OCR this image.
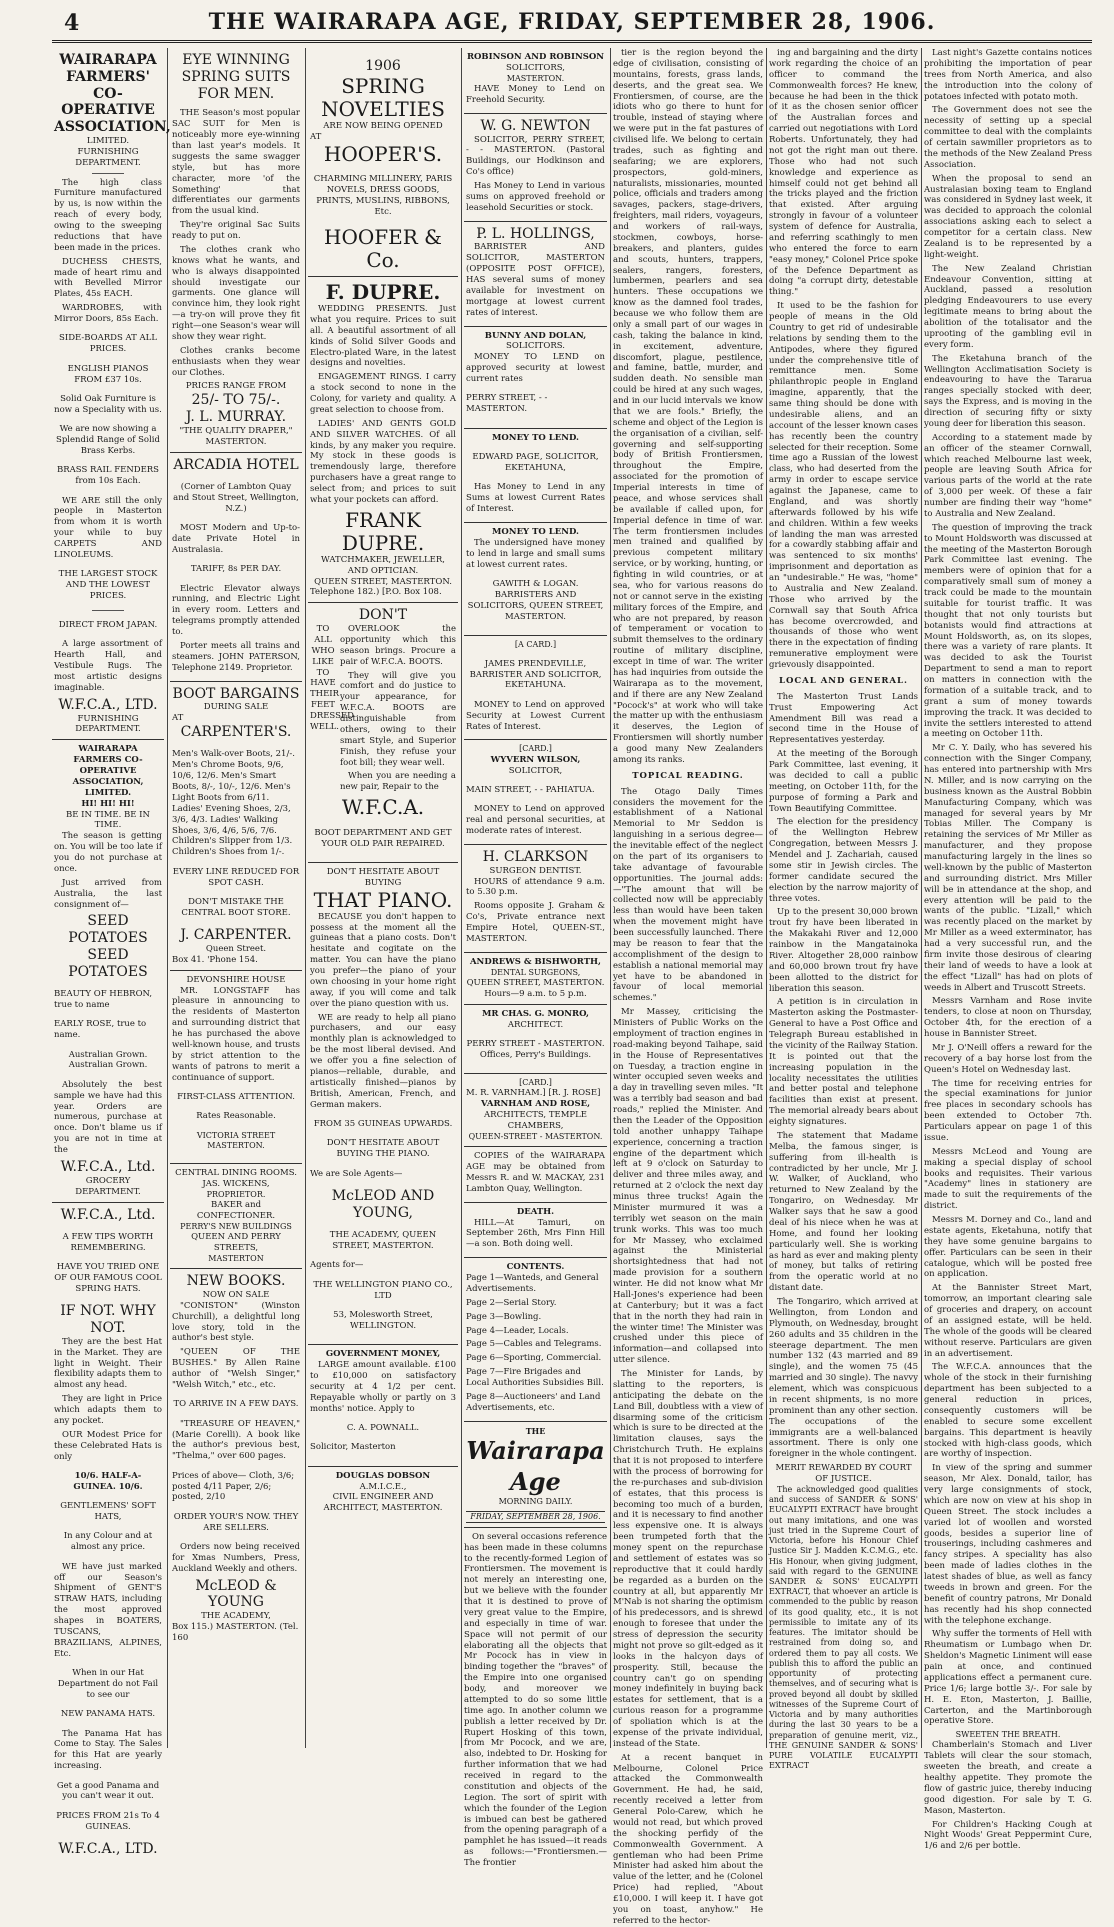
4	THE WAIRARAPA AGE, FRIDAY, SEPTEMBER 28, 1906.
WAIRARAPA FARMERS' CO-OPERATIVE ASSOCIATION,
LIMITED.
FURNISHING DEPARTMENT.

The high class Furniture manufactured by us, is now within the reach of every body, owing to the sweeping reductions that have been made in the prices.

DUCHESS CHESTS, made of heart rimu and with Bevelled Mirror Plates, 45s EACH.

WARDROBES, with Mirror Doors, 85s Each.

SIDE-BOARDS AT ALL PRICES.

ENGLISH PIANOS FROM £37 10s.

Solid Oak Furniture is now a Speciality with us.

We are now showing a Splendid Range of Solid Brass Kerbs.

BRASS RAIL FENDERS from 10s Each.

WE ARE still the only people in Masterton from whom it is worth your while to buy CARPETS AND LINOLEUMS.

THE LARGEST STOCK AND THE LOWEST PRICES.

DIRECT FROM JAPAN.

A large assortment of Hearth Hall, and Vestibule Rugs. The most artistic designs imaginable.

W.F.C.A., LTD.
FURNISHING DEPARTMENT.
WAIRARAPA FARMERS CO-OPERATIVE ASSOCIATION, LIMITED.
HI! HI! HI!
BE IN TIME. BE IN TIME.

The season is getting on. You will be too late if you do not purchase at once.

Just arrived from Australia, the last consignment of—

SEED POTATOES SEED POTATOES

BEAUTY OF HEBRON, true to name

EARLY ROSE, true to name.

Australian Grown. Australian Grown.

Absolutely the best sample we have had this year. Orders are numerous, purchase at once. Don't blame us if you are not in time at the

W.F.C.A., Ltd.
GROCERY DEPARTMENT.
W.F.C.A., Ltd.

A FEW TIPS WORTH REMEMBERING.

HAVE YOU TRIED ONE OF OUR FAMOUS COOL SPRING HATS.

IF NOT. WHY NOT.

They are the best Hat in the Market. They are light in Weight. Their flexibility adapts them to almost any head.

They are light in Price which adapts them to any pocket.

OUR Modest Price for these Celebrated Hats is only

10/6. HALF-A-GUINEA. 10/6.

GENTLEMENS' SOFT HATS,

In any Colour and at almost any price.

WE have just marked off our Season's Shipment of GENT'S STRAW HATS, including the most approved shapes in BOATERS, TUSCANS, BRAZILIANS, ALPINES, Etc.

When in our Hat Department do not Fail to see our

NEW PANAMA HATS.

The Panama Hat has Come to Stay. The Sales for this Hat are yearly increasing.

Get a good Panama and you can't wear it out.

PRICES FROM 21s To 4 GUINEAS.

W.F.C.A., LTD.
EYE WINNING SPRING SUITS FOR MEN.

THE Season's most popular SAC SUIT for Men is noticeably more eye-winning than last year's models. It suggests the same swagger style, but has more character, more 'of the Something' that differentiates our garments from the usual kind.

They're original Sac Suits ready to put on.

The clothes crank who knows what he wants, and who is always disappointed should investigate our garments. One glance will convince him, they look right—a try-on will prove they fit right—one Season's wear will show they wear right.

Clothes cranks become enthusiasts when they wear our Clothes.

PRICES RANGE FROM
25/- TO 75/-.
J. L. MURRAY.
"THE QUALITY DRAPER,"
MASTERTON.
ARCADIA HOTEL

(Corner of Lambton Quay and Stout Street, Wellington, N.Z.)

MOST Modern and Up-to-date Private Hotel in Australasia.

TARIFF, 8s PER DAY.

Electric Elevator always running, and Electric Light in every room. Letters and telegrams promptly attended to.

Porter meets all trains and steamers. JOHN PATERSON, Telephone 2149. Proprietor.

BOOT BARGAINS
DURING SALE
AT
CARPENTER'S.

Men's Walk-over Boots, 21/-. Men's Chrome Boots, 9/6, 10/6, 12/6. Men's Smart Boots, 8/-, 10/-, 12/6. Men's Light Boots from 6/11. Ladies' Evening Shoes, 2/3, 3/6, 4/3. Ladies' Walking Shoes, 3/6, 4/6, 5/6, 7/6. Children's Slipper from 1/3. Children's Shoes from 1/-.

EVERY LINE REDUCED FOR SPOT CASH.

DON'T MISTAKE THE CENTRAL BOOT STORE.

J. CARPENTER.
Queen Street.
Box 41. 'Phone 154.
DEVONSHIRE HOUSE

MR. LONGSTAFF has pleasure in announcing to the residents of Masterton and surrounding district that he has purchased the above well-known house, and trusts by strict attention to the wants of patrons to merit a continuance of support.

FIRST-CLASS ATTENTION.

Rates Reasonable.

VICTORIA STREET MASTERTON.

CENTRAL DINING ROOMS.
JAS. WICKENS,
PROPRIETOR.
BAKER and CONFECTIONER.
PERRY'S NEW BUILDINGS
QUEEN AND PERRY STREETS,
MASTERTON
NEW BOOKS.
NOW ON SALE

"CONISTON" (Winston Churchill), a delightful long love story, told in the author's best style.

"QUEEN OF THE BUSHES." By Allen Raine author of "Welsh Singer," "Welsh Witch," etc., etc.

TO ARRIVE IN A FEW DAYS.

"TREASURE OF HEAVEN," (Marie Corelli). A book like the author's previous best, "Thelma," over 600 pages.

Prices of above— Cloth, 3/6; posted 4/11 Paper, 2/6; posted, 2/10

ORDER YOUR'S NOW. THEY ARE SELLERS.

Orders now being received for Xmas Numbers, Press, Auckland Weekly and others.

McLEOD & YOUNG
THE ACADEMY,
Box 115.) MASTERTON. (Tel. 160
1906
SPRING NOVELTIES
ARE NOW BEING OPENED
AT
HOOPER'S.

CHARMING MILLINERY, PARIS NOVELS, DRESS GOODS, PRINTS, MUSLINS, RIBBONS, Etc.

HOOFER & Co.
F. DUPRE.

WEDDING PRESENTS. Just what you require. Prices to suit all. A beautiful assortment of all kinds of Solid Silver Goods and Electro-plated Ware, in the latest designs and novelties.

ENGAGEMENT RINGS. I carry a stock second to none in the Colony, for variety and quality. A great selection to choose from.

LADIES' AND GENTS GOLD AND SILVER WATCHES. Of all kinds, by any maker you require. My stock in these goods is tremendously large, therefore purchasers have a great range to select from; and prices to suit what your pockets can afford.

FRANK DUPRE.
WATCHMAKER, JEWELLER, AND OPTICIAN.
QUEEN STREET, MASTERTON.
Telephone 182.) [P.O. Box 108.
DON'T
TO ALL WHO LIKE TO HAVE THEIR FEET DRESSED WELL.

OVERLOOK the opportunity which this season brings. Procure a pair of W.F.C.A. BOOTS.

They will give you comfort and do justice to your appearance, for W.F.C.A. BOOTS are distinguishable from others, owing to their smart Style, and Superior Finish, they refuse your foot bill; they wear well.

When you are needing a new pair, Repair to the

W.F.C.A.

BOOT DEPARTMENT AND GET YOUR OLD PAIR REPAIRED.

DON'T HESITATE ABOUT BUYING
THAT PIANO.

BECAUSE you don't happen to possess at the moment all the guineas that a piano costs. Don't hesitate and cogitate on the matter. You can have the piano you prefer—the piano of your own choosing in your home right away, if you will come and talk over the piano question with us.

WE are ready to help all piano purchasers, and our easy monthly plan is acknowledged to be the most liberal devised. And we offer you a fine selection of pianos—reliable, durable, and artistically finished—pianos by British, American, French, and German makers.

FROM 35 GUINEAS UPWARDS.

DON'T HESITATE ABOUT BUYING THE PIANO.

We are Sole Agents—

McLEOD AND YOUNG,

THE ACADEMY, QUEEN STREET, MASTERTON.

Agents for—

THE WELLINGTON PIANO CO., LTD

53, Molesworth Street, WELLINGTON.

GOVERNMENT MONEY,

LARGE amount available. £100 to £10,000 on satisfactory security at 4 1/2 per cent. Repayable wholly or partly on 3 months' notice. Apply to

C. A. POWNALL.

Solicitor, Masterton

DOUGLAS DOBSON
A.M.I.C.E.,
CIVIL ENGINEER AND ARCHITECT, MASTERTON.
ROBINSON AND ROBINSON
SOLICITORS,
MASTERTON.

HAVE Money to Lend on Freehold Security.

W. G. NEWTON

SOLICITOR, PERRY STREET, - - MASTERTON. (Pastoral Buildings, our Hodkinson and Co's office)

Has Money to Lend in various sums on approved freehold or leasehold Securities or stock.

P. L. HOLLINGS,

BARRISTER AND SOLICITOR, MASTERTON (OPPOSITE POST OFFICE), HAS several sums of money available for investment on mortgage at lowest current rates of interest.

BUNNY AND DOLAN,
SOLICITORS.

MONEY TO LEND on approved security at lowest current rates

PERRY STREET, - - MASTERTON.

MONEY TO LEND.

EDWARD PAGE, SOLICITOR, EKETAHUNA,

Has Money to Lend in any Sums at lowest Current Rates of Interest.

MONEY TO LEND.

The undersigned have money to lend in large and small sums at lowest current rates.

GAWITH & LOGAN. BARRISTERS AND SOLICITORS, QUEEN STREET, MASTERTON.

[A CARD.]

JAMES PRENDEVILLE, BARRISTER AND SOLICITOR, EKETAHUNA.

MONEY to Lend on approved Security at Lowest Current Rates of Interest.

[CARD.]
WYVERN WILSON,
SOLICITOR,

MAIN STREET, - - PAHIATUA.

MONEY to Lend on approved real and personal securities, at moderate rates of interest.

H. CLARKSON
SURGEON DENTIST.

HOURS of attendance 9 a.m. to 5.30 p.m.

Rooms opposite J. Graham & Co's, Private entrance next Empire Hotel, QUEEN-ST., MASTERTON.

ANDREWS & BISHWORTH,
DENTAL SURGEONS,
QUEEN STREET, MASTERTON.
Hours—9 a.m. to 5 p.m.
MR CHAS. G. MONRO,
ARCHITECT.

PERRY STREET - MASTERTON. Offices, Perry's Buildings.

[CARD.]
M. R. VARNHAM.] [R. J. ROSE]
VARNHAM AND ROSE,
ARCHITECTS, TEMPLE CHAMBERS,
QUEEN-STREET - MASTERTON.

COPIES of the WAIRARAPA AGE may be obtained from Messrs R. and W. MACKAY, 231 Lambton Quay, Wellington.

DEATH.

HILL—At Tamuri, on September 26th, Mrs Finn Hill—a son. Both doing well.

CONTENTS.
Page 1—Wanteds, and General Advertisements.
Page 2—Serial Story.
Page 3—Bowling.
Page 4—Leader, Locals.
Page 5—Cables and Telegrams.
Page 6—Sporting, Commercial.
Page 7—Fire Brigades and Local Authorities Subsidies Bill.
Page 8—Auctioneers' and Land Advertisements, etc.
THE
Wairarapa Age
MORNING DAILY.
FRIDAY, SEPTEMBER 28, 1906.

On several occasions reference has been made in these columns to the recently-formed Legion of Frontiersmen. The movement is not merely an interesting one, but we believe with the founder that it is destined to prove of very great value to the Empire, and especially in time of war. Space will not permit of our elaborating all the objects that Mr Pocock has in view in binding together the "braves" of the Empire into one organised body, and moreover we attempted to do so some little time ago. In another column we publish a letter received by Dr. Rupert Hosking of this town, from Mr Pocock, and we are, also, indebted to Dr. Hosking for further information that we had received in regard to the constitution and objects of the Legion. The sort of spirit with which the founder of the Legion is imbued can best be gathered from the opening paragraph of a pamphlet he has issued—it reads as follows:—"Frontiersmen.—The frontier

tier is the region beyond the edge of civilisation, consisting of mountains, forests, grass lands, deserts, and the great sea. We Frontiersmen, of course, are the idiots who go there to hunt for trouble, instead of staying where we were put in the fat pastures of civilised life. We belong to certain trades, such as fighting and seafaring; we are explorers, prospectors, gold-miners, naturalists, missionaries, mounted police, officials and traders among savages, packers, stage-drivers, freighters, mail riders, voyageurs, and workers of rail-ways, stockmen, cowboys, horse-breakers, and planters, guides and scouts, hunters, trappers, sealers, rangers, foresters, lumbermen, pearlers and sea hunters. These occupations we know as the damned fool trades, because we who follow them are only a small part of our wages in cash, taking the balance in kind, in excitement, adventure, discomfort, plague, pestilence, and famine, battle, murder, and sudden death. No sensible man could be hired at any such wages, and in our lucid intervals we know that we are fools." Briefly, the scheme and object of the Legion is the organisation of a civilian, self-governing and self-supporting body of British Frontiersmen, throughout the Empire, associated for the promotion of Imperial interests in time of peace, and whose services shall be available if called upon, for Imperial defence in time of war. The term frontiersmen includes men trained and qualified by previous competent military service, or by working, hunting, or fighting in wild countries, or at sea, who for various reasons do not or cannot serve in the existing military forces of the Empire, and who are not prepared, by reason of temperament or vocation to submit themselves to the ordinary routine of military discipline, except in time of war. The writer has had inquiries from outside the Wairarapa as to the movement, and if there are any New Zealand "Pocock's" at work who will take the matter up with the enthusiasm it deserves, the Legion of Frontiersmen will shortly number a good many New Zealanders among its ranks.

TOPICAL READING.

The Otago Daily Times considers the movement for the establishment of a National Memorial to Mr Seddon is languishing in a serious degree—the inevitable effect of the neglect on the part of its organisers to take advantage of favourable opportunities. The journal adds:—"The amount that will be collected now will be appreciably less than would have been taken when the movement might have been successfully launched. There may be reason to fear that the accomplishment of the design to establish a national memorial may yet have to be abandoned in favour of local memorial schemes."

Mr Massey, criticising the Ministers of Public Works on the employment of traction engines in road-making beyond Taihape, said in the House of Representatives on Tuesday, a traction engine in winter occupied seven weeks and a day in travelling seven miles. "It was a terribly bad season and bad roads," replied the Minister. And then the Leader of the Opposition told another unhappy Taihape experience, concerning a traction engine of the department which left at 9 o'clock on Saturday to deliver and three miles away, and returned at 2 o'clock the next day minus three trucks! Again the Minister murmured it was a terribly wet season on the main trunk works. This was too much for Mr Massey, who exclaimed against the Ministerial shortsightedness that had not made provision for a southern winter. He did not know what Mr Hall-Jones's experience had been at Canterbury; but it was a fact that in the north they had rain in the winter time! The Minister was crushed under this piece of information—and collapsed into utter silence.

The Minister for Lands, by slatting to the reporters, is anticipating the debate on the Land Bill, doubtless with a view of disarming some of the criticism which is sure to be directed at the limitation clauses, says the Christchurch Truth. He explains that it is not proposed to interfere with the process of borrowing for the re-purchases and sub-division of estates, that this process is becoming too much of a burden, and it is necessary to find another less expensive one. It is always been trumpeted forth that the money spent on the repurchase and settlement of estates was so reproductive that it could hardly be regarded as a burden on the country at all, but apparently Mr M'Nab is not sharing the optimism of his predecessors, and is shrewd enough to foresee that under the stress of depression the security might not prove so gilt-edged as it looks in the halcyon days of prosperity. Still, because the country can't go on spending money indefinitely in buying back estates for settlement, that is a curious reason for a programme of spoliation which is at the expense of the private individual, instead of the State.

At a recent banquet in Melbourne, Colonel Price attacked the Commonwealth Government. He had, he said, recently received a letter from General Polo-Carew, which he would not read, but which proved the shocking perfidy of the Commonwealth Government. A gentleman who had been Prime Minister had asked him about the value of the letter, and he (Colonel Price) had replied, "About £10,000. I will keep it. I have got you on toast, anyhow." He referred to the hector-

ing and bargaining and the dirty work regarding the choice of an officer to command the Commonwealth forces? He knew, because he had been in the thick of it as the chosen senior officer of the Australian forces and carried out negotiations with Lord Roberts. Unfortunately, they had not got the right man out there. Those who had not such knowledge and experience as himself could not get behind all the tricks played and the friction that existed. After arguing strongly in favour of a volunteer system of defence for Australia, and referring scathingly to men who entered the force to earn "easy money," Colonel Price spoke of the Defence Department as doing "a corrupt dirty, detestable thing."

It used to be the fashion for people of means in the Old Country to get rid of undesirable relations by sending them to the Antipodes, where they figured under the comprehensive title of remittance men. Some philanthropic people in England imagine, apparently, that the same thing should be done with undesirable aliens, and an account of the lesser known cases has recently been the country selected for their reception. Some time ago a Russian of the lowest class, who had deserted from the army in order to escape service against the Japanese, came to England, and was shortly afterwards followed by his wife and children. Within a few weeks of landing the man was arrested for a cowardly stabbing affair and was sentenced to six months' imprisonment and deportation as an "undesirable." He was, "home" to Australia and New Zealand. Those who arrived by the Cornwall say that South Africa has become overcrowded, and thousands of those who went there in the expectation of finding remunerative employment were grievously disappointed.

LOCAL AND GENERAL.

The Masterton Trust Lands Trust Empowering Act Amendment Bill was read a second time in the House of Representatives yesterday.

At the meeting of the Borough Park Committee, last evening, it was decided to call a public meeting, on October 11th, for the purpose of forming a Park and Town Beautifying Committee.

The election for the presidency of the Wellington Hebrew Congregation, between Messrs J. Mendel and J. Zachariah, caused some stir in Jewish circles. The former candidate secured the election by the narrow majority of three votes.

Up to the present 30,000 brown trout fry have been liberated in the Makakahi River and 12,000 rainbow in the Mangatainoka River. Altogether 28,000 rainbow and 60,000 brown trout fry have been allotted to the district for liberation this season.

A petition is in circulation in Masterton asking the Postmaster-General to have a Post Office and Telegraph Bureau established in the vicinity of the Railway Station. It is pointed out that the increasing population in the locality necessitates the utilities and better postal and telephone facilities than exist at present. The memorial already bears about eighty signatures.

The statement that Madame Melba, the famous singer, is suffering from ill-health is contradicted by her uncle, Mr J. W. Walker, of Auckland, who returned to New Zealand by the Tongariro, on Wednesday. Mr Walker says that he saw a good deal of his niece when he was at Home, and found her looking particularly well. She is working as hard as ever and making plenty of money, but talks of retiring from the operatic world at no distant date.

The Tongariro, which arrived at Wellington, from London and Plymouth, on Wednesday, brought 260 adults and 35 children in the steerage department. The men number 132 (43 married and 89 single), and the women 75 (45 married and 30 single). The navvy element, which was conspicuous in recent shipments, is no more prominent than any other section. The occupations of the immigrants are a well-balanced assortment. There is only one foreigner in the whole contingent.

MERIT REWARDED BY COURT OF JUSTICE.

The acknowledged good qualities and success of SANDER & SONS' EUCALYPTI EXTRACT have brought out many imitations, and one was just tried in the Supreme Court of Victoria, before his Honour Chief Justice Sir J. Madden K.C.M.G., etc. His Honour, when giving judgment, said with regard to the GENUINE SANDER & SONS' EUCALYPTI EXTRACT, that whoever an article is commended to the public by reason of its good quality, etc., it is not permissible to imitate any of its features. The imitator should be restrained from doing so, and ordered them to pay all costs. We publish this to afford the public an opportunity of protecting themselves, and of securing what is proved beyond all doubt by skilled witnesses of the Supreme Court of Victoria and by many authorities during the last 30 years to be a preparation of genuine merit, viz., THE GENUINE SANDER & SONS' PURE VOLATILE EUCALYPTI EXTRACT

Last night's Gazette contains notices prohibiting the importation of pear trees from North America, and also the introduction into the colony of potatoes infected with potato moth.

The Government does not see the necessity of setting up a special committee to deal with the complaints of certain sawmiller proprietors as to the methods of the New Zealand Press Association.

When the proposal to send an Australasian boxing team to England was considered in Sydney last week, it was decided to approach the colonial associations asking each to select a competitor for a certain class. New Zealand is to be represented by a light-weight.

The New Zealand Christian Endeavour Convention, sitting at Auckland, passed a resolution pledging Endeavourers to use every legitimate means to bring about the abolition of the totalisator and the uprooting of the gambling evil in every form.

The Eketahuna branch of the Wellington Acclimatisation Society is endeavouring to have the Tararua ranges specially stocked with deer, says the Express, and is moving in the direction of securing fifty or sixty young deer for liberation this season.

According to a statement made by an officer of the steamer Cornwall, which reached Melbourne last week, people are leaving South Africa for various parts of the world at the rate of 3,000 per week. Of these a fair number are finding their way "home" to Australia and New Zealand.

The question of improving the track to Mount Holdsworth was discussed at the meeting of the Masterton Borough Park Committee last evening. The members were of opinion that for a comparatively small sum of money a track could be made to the mountain suitable for tourist traffic. It was thought that not only tourists but botanists would find attractions at Mount Holdsworth, as, on its slopes, there was a variety of rare plants. It was decided to ask the Tourist Department to send a man to report on matters in connection with the formation of a suitable track, and to grant a sum of money towards improving the track. It was decided to invite the settlers interested to attend a meeting on October 11th.

Mr C. Y. Daily, who has severed his connection with the Singer Company, has entered into partnership with Mrs N. Miller, and is now carrying on the business known as the Austral Bobbin Manufacturing Company, which was managed for several years by Mr Tobias Miller. The Company is retaining the services of Mr Miller as manufacturer, and they propose manufacturing largely in the lines so well-known by the public of Masterton and surrounding district. Mrs Miller will be in attendance at the shop, and every attention will be paid to the wants of the public. "Lizall," which was recently placed on the market by Mr Miller as a weed exterminator, has had a very successful run, and the firm invite those desirous of clearing their land of weeds to have a look at the effect "Lizall" has had on plots of weeds in Albert and Truscott Streets.

Messrs Varnham and Rose invite tenders, to close at noon on Thursday, October 4th, for the erection of a house in Bannister Street.

Mr J. O'Neill offers a reward for the recovery of a bay horse lost from the Queen's Hotel on Wednesday last.

The time for receiving entries for the special examinations for junior free places in secondary schools has been extended to October 7th. Particulars appear on page 1 of this issue.

Messrs McLeod and Young are making a special display of school books and requisites. Their various "Academy" lines in stationery are made to suit the requirements of the district.

Messrs M. Dorney and Co., land and estate agents, Eketahuna, notify that they have some genuine bargains to offer. Particulars can be seen in their catalogue, which will be posted free on application.

At the Bannister Street Mart, tomorrow, an important clearing sale of groceries and drapery, on account of an assigned estate, will be held. The whole of the goods will be cleared without reserve. Particulars are given in an advertisement.

The W.F.C.A. announces that the whole of the stock in their furnishing department has been subjected to a general reduction in prices, consequently customers will be enabled to secure some excellent bargains. This department is heavily stocked with high-class goods, which are worthy of inspection.

In view of the spring and summer season, Mr Alex. Donald, tailor, has very large consignments of stock, which are now on view at his shop in Queen Street. The stock includes a varied lot of woollen and worsted goods, besides a superior line of trouserings, including cashmeres and fancy stripes. A speciality has also been made of ladies clothes in the latest shades of blue, as well as fancy tweeds in brown and green. For the benefit of country patrons, Mr Donald has recently had his shop connected with the telephone exchange.

Why suffer the torments of Hell with Rheumatism or Lumbago when Dr. Sheldon's Magnetic Liniment will ease pain at once, and continued applications effect a permanent cure. Price 1/6; large bottle 3/-. For sale by H. E. Eton, Masterton, J. Baillie, Carterton, and the Martinborough operative Store.

SWEETEN THE BREATH.

Chamberlain's Stomach and Liver Tablets will clear the sour stomach, sweeten the breath, and create a healthy appetite. They promote the flow of gastric juice, thereby inducing good digestion. For sale by T. G. Mason, Masterton.

For Children's Hacking Cough at Night Woods' Great Peppermint Cure, 1/6 and 2/6 per bottle.
